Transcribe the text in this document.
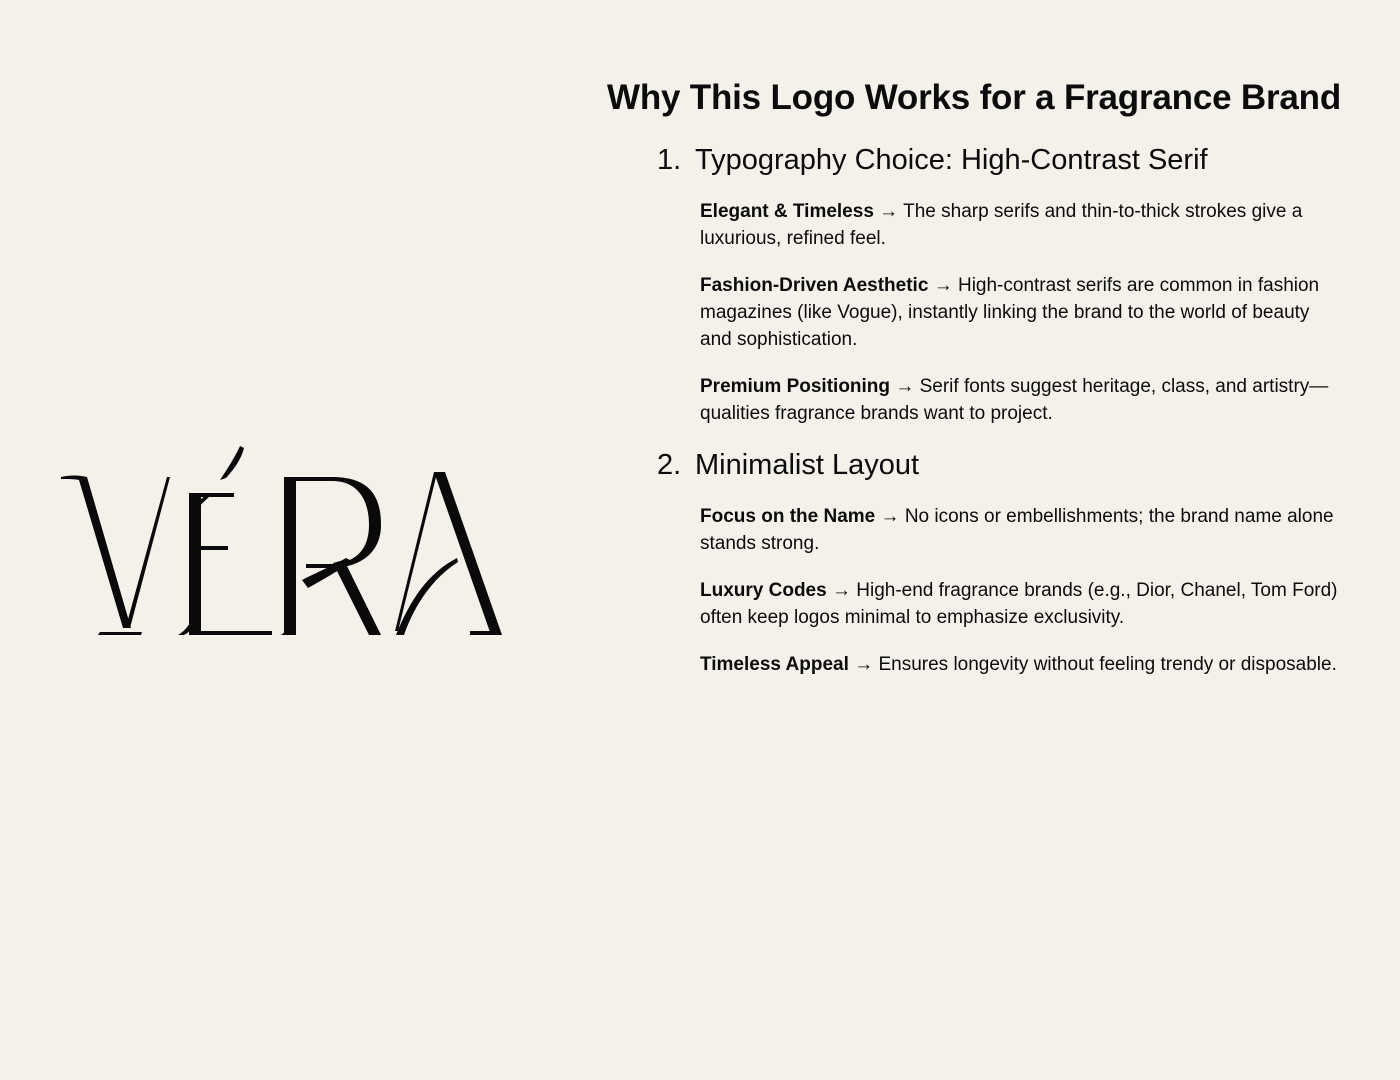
Why This Logo Works for a Fragrance Brand
1. Typography Choice: High-Contrast Serif

Elegant & Timeless → The sharp serifs and thin-to-thick strokes give a luxurious, refined feel.

Fashion-Driven Aesthetic → High-contrast serifs are common in fashion magazines (like Vogue), instantly linking the brand to the world of beauty and sophistication.

Premium Positioning → Serif fonts suggest heritage, class, and artistry—qualities fragrance brands want to project.

2. Minimalist Layout

Focus on the Name → No icons or embellishments; the brand name alone stands strong.

Luxury Codes → High-end fragrance brands (e.g., Dior, Chanel, Tom Ford) often keep logos minimal to emphasize exclusivity.

Timeless Appeal → Ensures longevity without feeling trendy or disposable.
